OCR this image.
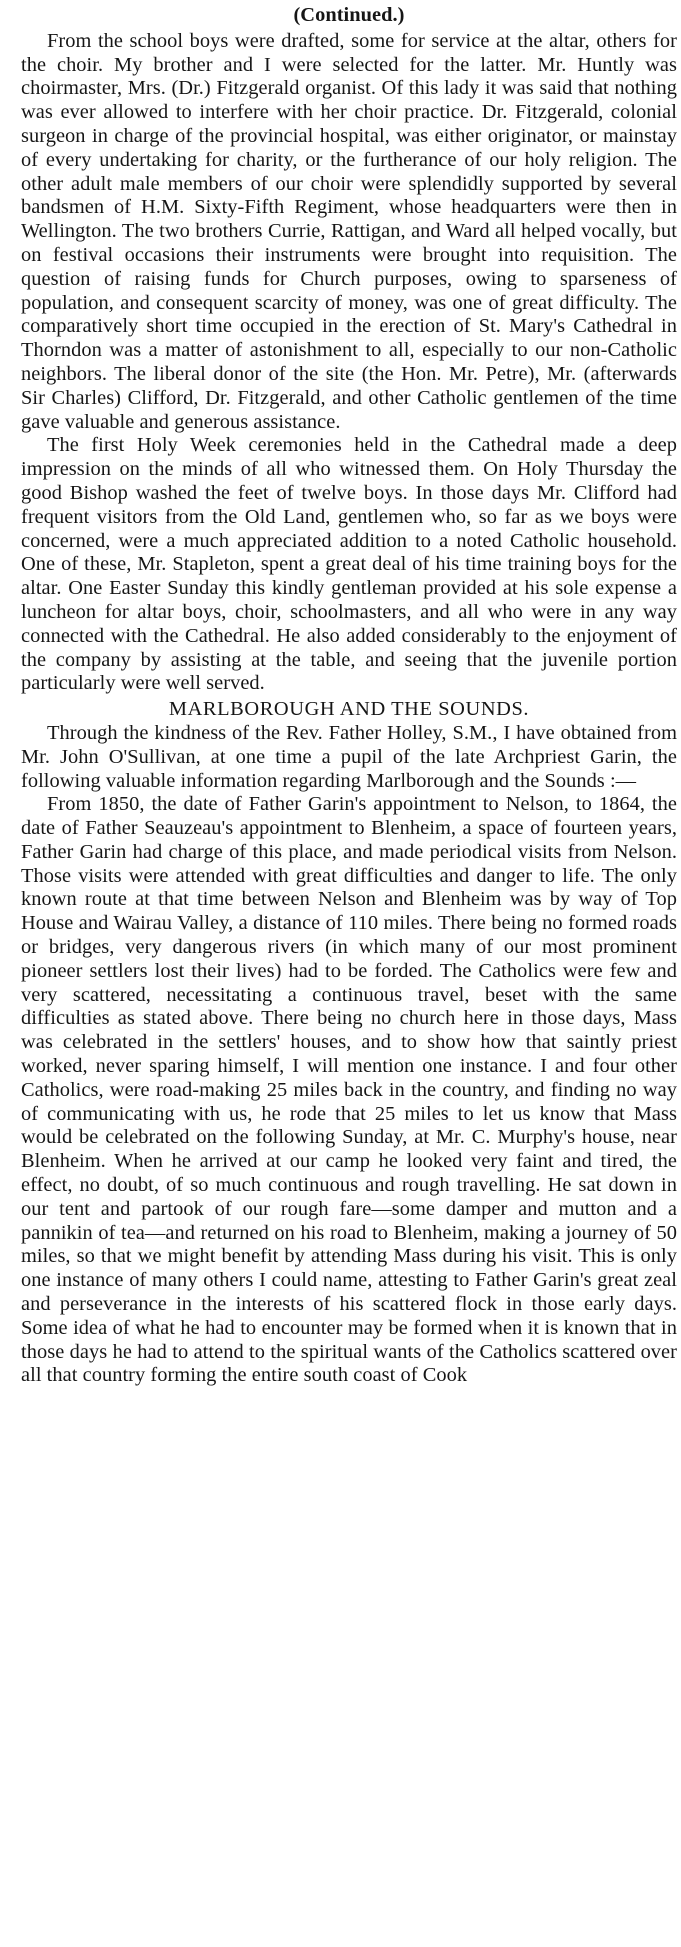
(Continued.)

From the school boys were drafted, some for service at the altar, others for the choir. My brother and I were selected for the latter. Mr. Huntly was choirmaster, Mrs. (Dr.) Fitzgerald organist. Of this lady it was said that nothing was ever allowed to interfere with her choir practice. Dr. Fitzgerald, colonial surgeon in charge of the provincial hospital, was either originator, or mainstay of every undertaking for charity, or the furtherance of our holy religion. The other adult male members of our choir were splendidly supported by several bandsmen of H.M. Sixty-Fifth Regiment, whose headquarters were then in Wellington. The two brothers Currie, Rattigan, and Ward all helped vocally, but on festival occasions their instruments were brought into requisition. The question of raising funds for Church purposes, owing to sparseness of population, and consequent scarcity of money, was one of great difficulty. The comparatively short time occupied in the erection of St. Mary's Cathedral in Thorndon was a matter of astonishment to all, especially to our non-Catholic neighbors. The liberal donor of the site (the Hon. Mr. Petre), Mr. (afterwards Sir Charles) Clifford, Dr. Fitzgerald, and other Catholic gentlemen of the time gave valuable and generous assistance.

The first Holy Week ceremonies held in the Cathedral made a deep impression on the minds of all who witnessed them. On Holy Thursday the good Bishop washed the feet of twelve boys. In those days Mr. Clifford had frequent visitors from the Old Land, gentlemen who, so far as we boys were concerned, were a much appreciated addition to a noted Catholic household. One of these, Mr. Stapleton, spent a great deal of his time training boys for the altar. One Easter Sunday this kindly gentleman provided at his sole expense a luncheon for altar boys, choir, schoolmasters, and all who were in any way connected with the Cathedral. He also added considerably to the enjoyment of the company by assisting at the table, and seeing that the juvenile portion particularly were well served.

MARLBOROUGH AND THE SOUNDS.

Through the kindness of the Rev. Father Holley, S.M., I have obtained from Mr. John O'Sullivan, at one time a pupil of the late Archpriest Garin, the following valuable information regarding Marlborough and the Sounds :—

From 1850, the date of Father Garin's appointment to Nelson, to 1864, the date of Father Seauzeau's appointment to Blenheim, a space of fourteen years, Father Garin had charge of this place, and made periodical visits from Nelson. Those visits were attended with great difficulties and danger to life. The only known route at that time between Nelson and Blenheim was by way of Top House and Wairau Valley, a distance of 110 miles. There being no formed roads or bridges, very dangerous rivers (in which many of our most prominent pioneer settlers lost their lives) had to be forded. The Catholics were few and very scattered, necessitating a continuous travel, beset with the same difficulties as stated above. There being no church here in those days, Mass was celebrated in the settlers' houses, and to show how that saintly priest worked, never sparing himself, I will mention one instance. I and four other Catholics, were road-making 25 miles back in the country, and finding no way of communicating with us, he rode that 25 miles to let us know that Mass would be celebrated on the following Sunday, at Mr. C. Murphy's house, near Blenheim. When he arrived at our camp he looked very faint and tired, the effect, no doubt, of so much continuous and rough travelling. He sat down in our tent and partook of our rough fare—some damper and mutton and a pannikin of tea—and returned on his road to Blenheim, making a journey of 50 miles, so that we might benefit by attending Mass during his visit. This is only one instance of many others I could name, attesting to Father Garin's great zeal and perseverance in the interests of his scattered flock in those early days. Some idea of what he had to encounter may be formed when it is known that in those days he had to attend to the spiritual wants of the Catholics scattered over all that country forming the entire south coast of Cook
